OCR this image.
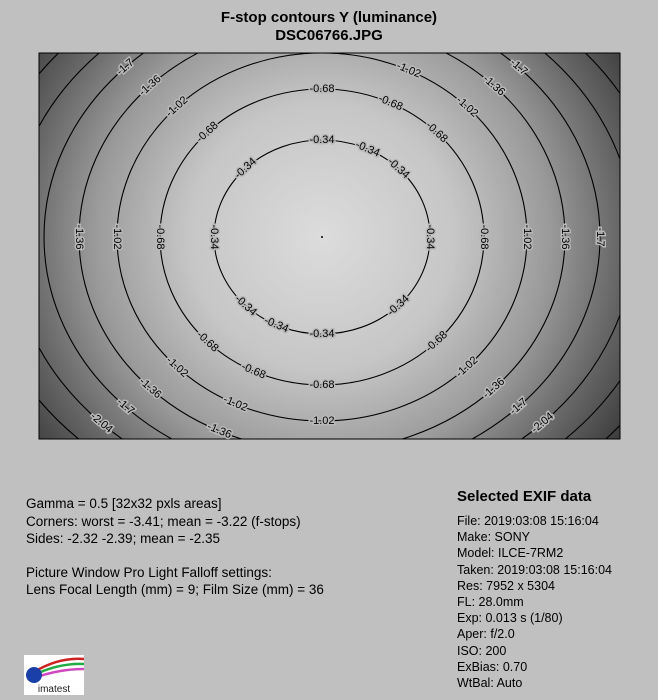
F-stop contours Y (luminance)
DSC06766.JPG
-0.34
-0.34
-0.34	-0.34
-0.34
-0.34
-0.34
-0.34
-0.34
-0.34
-0.68
-0.68
-0.68	-0.68
-0.68
-0.68
-0.68
-0.68
-0.68
-0.68
-1.02
-1.02	-1.02
-1.02
-1.02
-1.02
-1.02
-1.02
-1.02
-1.36	-1.36
-1.36
-1.36
-1.36
-1.36
-1.36
-1.7
-1.7
-1.7
-1.7
-1.7
-2.04
-2.04
Gamma = 0.5 [32x32 pxls areas]
Corners: worst = -3.41; mean = -3.22 (f-stops)
Sides: -2.32 -2.39; mean = -2.35
Picture Window Pro Light Falloff settings:
Lens Focal Length (mm) = 9; Film Size (mm) = 36
Selected EXIF data
File: 2019:03:08 15:16:04
Make: SONY
Model: ILCE-7RM2
Taken: 2019:03:08 15:16:04
Res: 7952 x 5304
FL: 28.0mm
Exp: 0.013 s (1/80)
Aper: f/2.0
ISO: 200
ExBias: 0.70
WtBal: Auto
imatest
